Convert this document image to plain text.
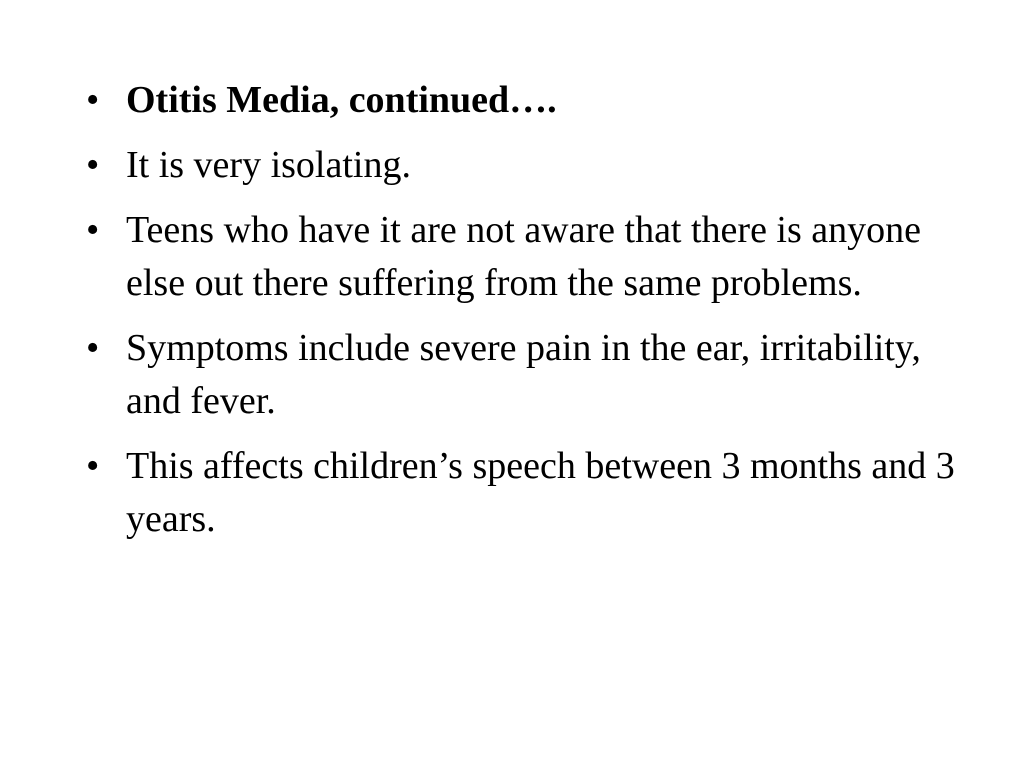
• Otitis Media, continued….
• It is very isolating.
• Teens who have it are not aware that there is anyone else out there suffering from the same problems.
• Symptoms include severe pain in the ear, irritability, and fever.
• This affects children’s speech between 3 months and 3 years.
